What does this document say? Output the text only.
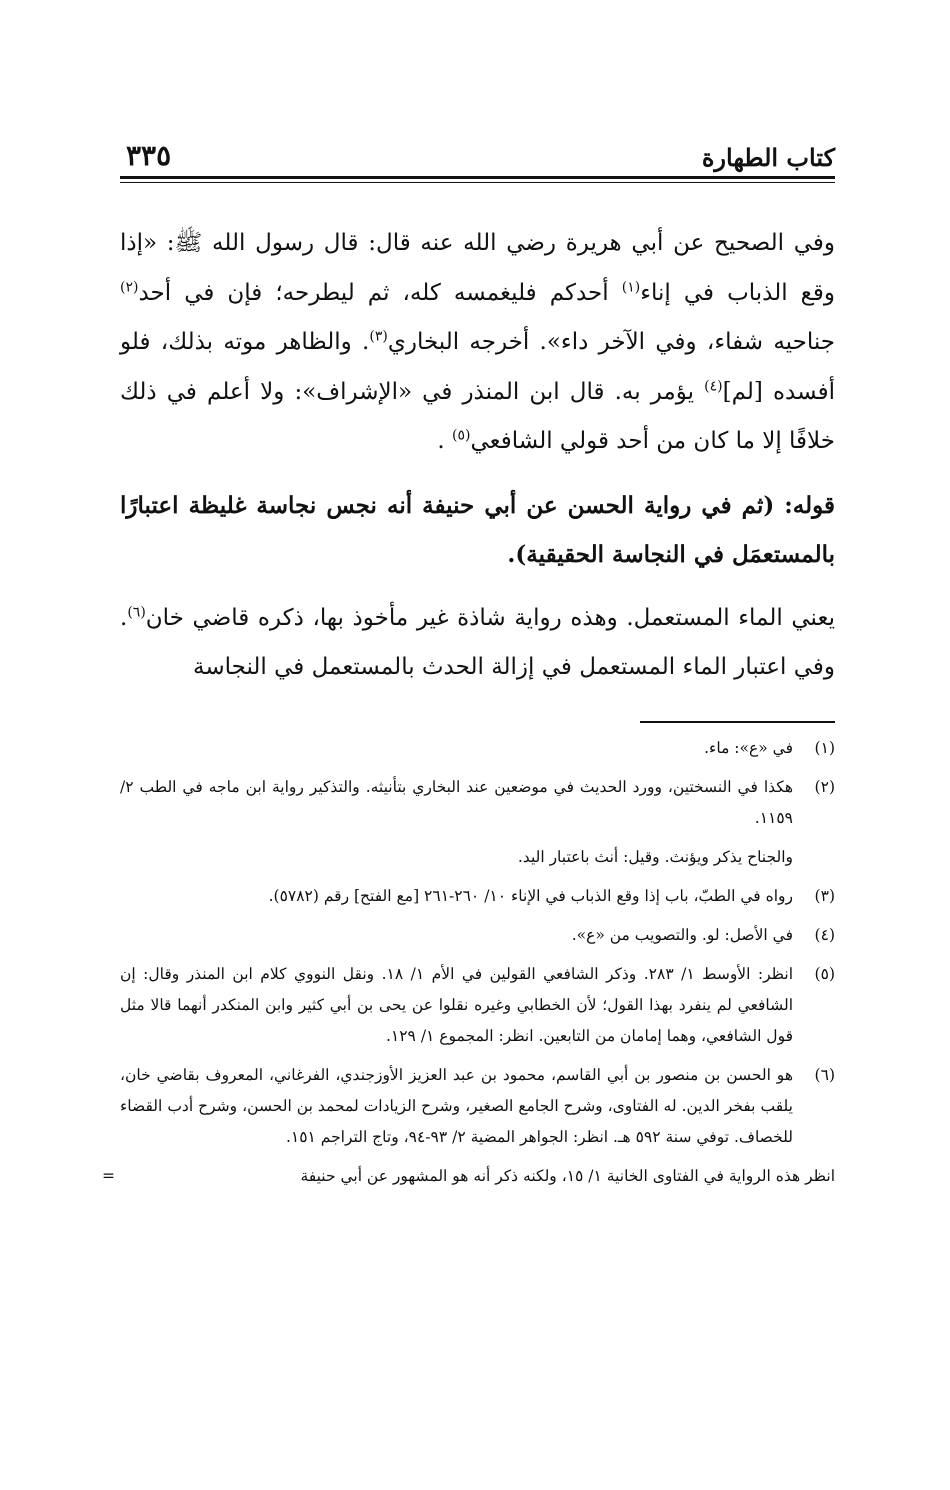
كتاب الطهارة
٣٣٥

وفي الصحيح عن أبي هريرة رضي الله عنه قال: قال رسول الله ﷺ: «إذا وقع الذباب في إناء$^{(١)}$ أحدكم فليغمسه كله، ثم ليطرحه؛ فإن في أحد$^{(٢)}$ جناحيه شفاء، وفي الآخر داء». أخرجه البخاري$^{(٣)}$. والظاهر موته بذلك، فلو أفسده [لم]$^{(٤)}$ يؤمر به. قال ابن المنذر في «الإشراف»: ولا أعلم في ذلك خلافًا إلا ما كان من أحد قولي الشافعي$^{(٥)}$ .

قوله: (ثم في رواية الحسن عن أبي حنيفة أنه نجس نجاسة غليظة اعتبارًا بالمستعمَل في النجاسة الحقيقية).

يعني الماء المستعمل. وهذه رواية شاذة غير مأخوذ بها، ذكره قاضي خان$^{(٦)}$. وفي اعتبار الماء المستعمل في إزالة الحدث بالمستعمل في النجاسة

(١)
في «ع»: ماء.
(٢)
هكذا في النسختين، وورد الحديث في موضعين عند البخاري بتأنيثه. والتذكير رواية ابن ماجه في الطب ٢/ ١١٥٩.
والجناح يذكر ويؤنث. وقيل: أنث باعتبار اليد.
(٣)
رواه في الطبّ، باب إذا وقع الذباب في الإناء ١٠/ ٢٦٠-٢٦١ [مع الفتح] رقم (٥٧٨٢).
(٤)
في الأصل: لو. والتصويب من «ع».
(٥)
انظر: الأوسط ١/ ٢٨٣. وذكر الشافعي القولين في الأم ١/ ١٨. ونقل النووي كلام ابن المنذر وقال: إن الشافعي لم ينفرد بهذا القول؛ لأن الخطابي وغيره نقلوا عن يحى بن أبي كثير وابن المنكدر أنهما قالا مثل قول الشافعي، وهما إمامان من التابعين. انظر: المجموع ١/ ١٢٩.
(٦)
هو الحسن بن منصور بن أبي القاسم، محمود بن عبد العزيز الأوزجندي، الفرغاني، المعروف بقاضي خان، يلقب بفخر الدين. له الفتاوى، وشرح الجامع الصغير، وشرح الزيادات لمحمد بن الحسن، وشرح أدب القضاء للخصاف. توفي سنة ٥٩٢ هـ. انظر: الجواهر المضية ٢/ ٩٣-٩٤، وتاج التراجم ١٥١.
انظر هذه الرواية في الفتاوى الخانية ١/ ١٥، ولكنه ذكر أنه هو المشهور عن أبي حنيفة
=
